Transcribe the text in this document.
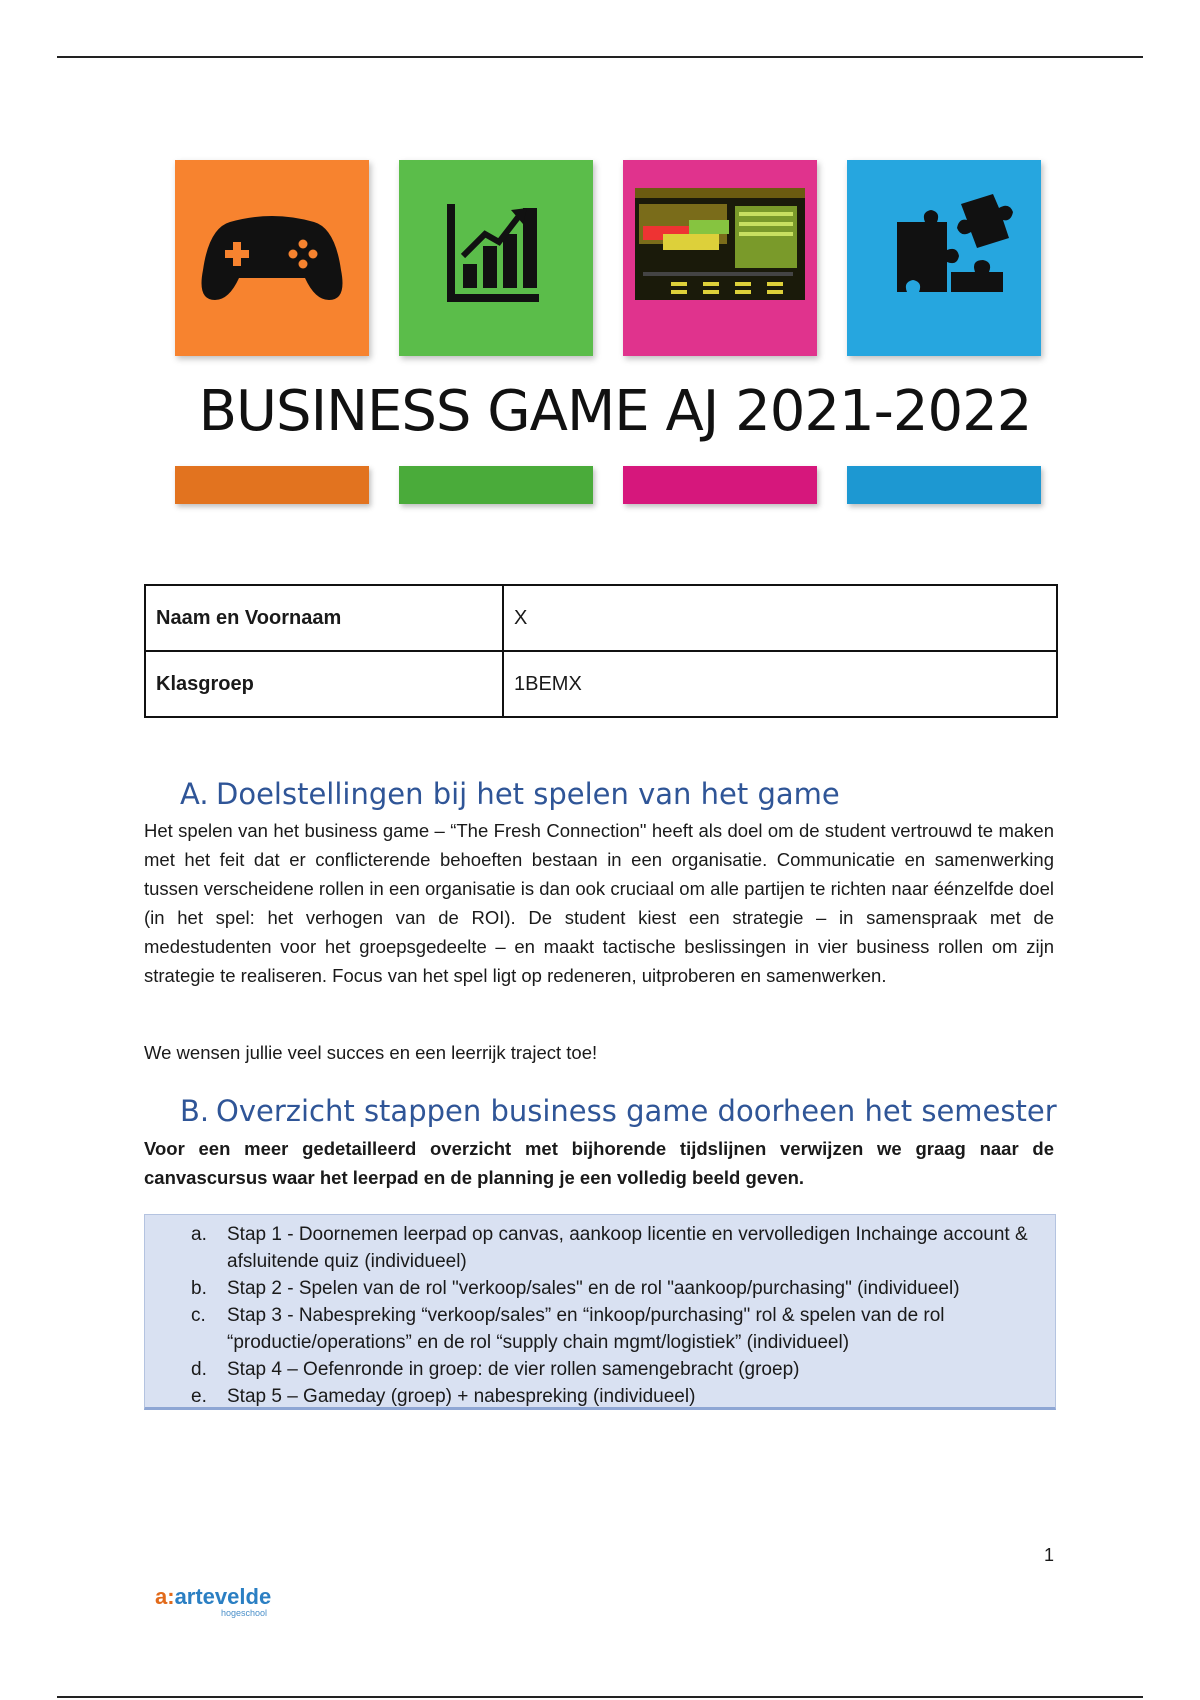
BUSINESS GAME AJ 2021-2022
Naam en Voornaam	X
Klasgroep	1BEMX
A. Doelstellingen bij het spelen van het game
Het spelen van het business game – “The Fresh Connection" heeft als doel om de student vertrouwd te maken met het feit dat er conflicterende behoeften bestaan in een organisatie. Communicatie en samenwerking tussen verscheidene rollen in een organisatie is dan ook cruciaal om alle partijen te richten naar éénzelfde doel (in het spel: het verhogen van de ROI). De student kiest een strategie – in samenspraak met de medestudenten voor het groepsgedeelte – en maakt tactische beslissingen in vier business rollen om zijn strategie te realiseren. Focus van het spel ligt op redeneren, uitproberen en samenwerken.
We wensen jullie veel succes en een leerrijk traject toe!
B. Overzicht stappen business game doorheen het semester
Voor een meer gedetailleerd overzicht met bijhorende tijdslijnen verwijzen we graag naar de canvascursus waar het leerpad en de planning je een volledig beeld geven.
a. Stap 1 - Doornemen leerpad op canvas, aankoop licentie en vervolledigen Inchainge account & afsluitende quiz (individueel)
b. Stap 2 - Spelen van de rol "verkoop/sales" en de rol "aankoop/purchasing" (individueel)
c. Stap 3 - Nabespreking “verkoop/sales” en “inkoop/purchasing" rol & spelen van de rol “productie/operations” en de rol “supply chain mgmt/logistiek” (individueel)
d. Stap 4 – Oefenronde in groep: de vier rollen samengebracht (groep)
e. Stap 5 – Gameday (groep) + nabespreking (individueel)
1
a:artevelde
hogeschool
